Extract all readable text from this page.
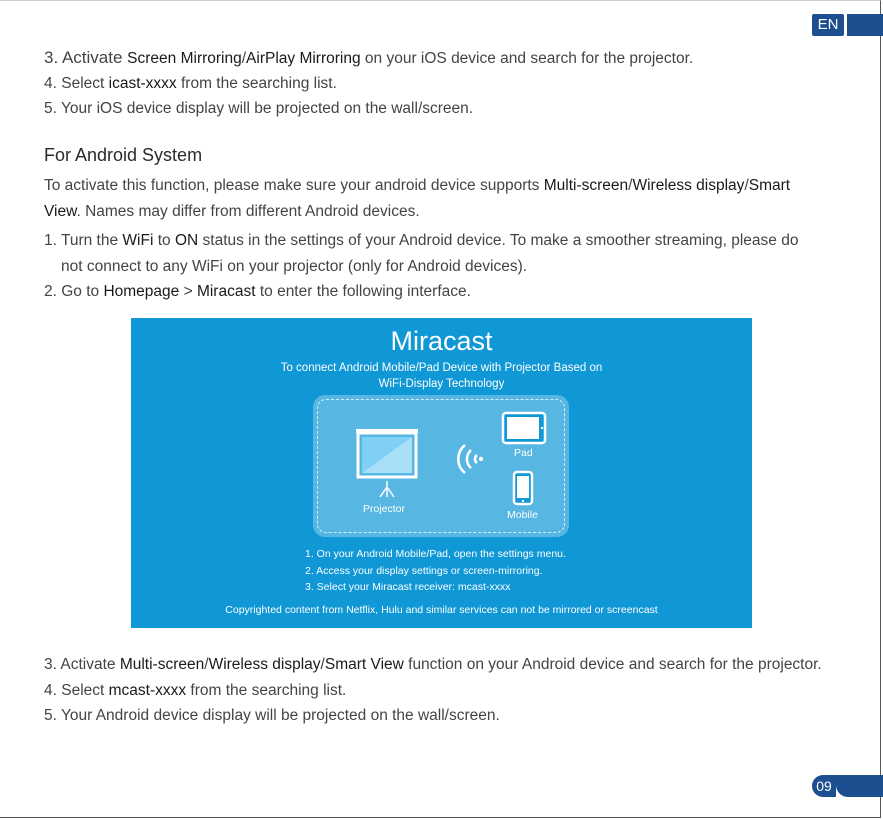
EN
3. Activate Screen Mirroring/AirPlay Mirroring on your iOS device and search for the projector.
4. Select icast-xxxx from the searching list.
5. Your iOS device display will be projected on the wall/screen.
For Android System
To activate this function, please make sure your android device supports Multi-screen/Wireless display/Smart
View. Names may differ from different Android devices.
1. Turn the WiFi to ON status in the settings of your Android device. To make a smoother streaming, please do
not connect to any WiFi on your projector (only for Android devices).
2. Go to Homepage > Miracast to enter the following interface.
Miracast
To connect Android Mobile/Pad Device with Projector Based on
WiFi-Display Technology
Projector
Pad
Mobile
1. On your Android Mobile/Pad, open the settings menu.
2. Access your display settings or screen-mirroring.
3. Select your Miracast receiver: mcast-xxxx
Copyrighted content from Netflix, Hulu and similar services can not be mirrored or screencast
3. Activate Multi-screen/Wireless display/Smart View function on your Android device and search for the projector.
4. Select mcast-xxxx from the searching list.
5. Your Android device display will be projected on the wall/screen.
09
